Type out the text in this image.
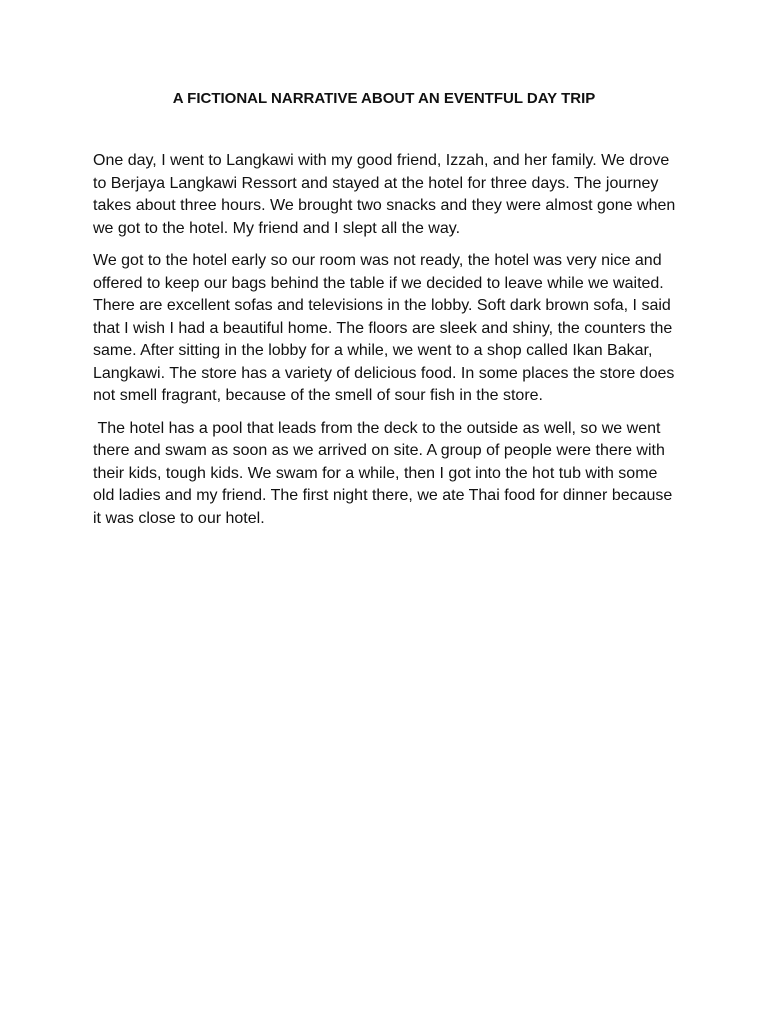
A FICTIONAL NARRATIVE ABOUT AN EVENTFUL DAY TRIP

One day, I went to Langkawi with my good friend, Izzah, and her family. We drove to Berjaya Langkawi Ressort and stayed at the hotel for three days. The journey takes about three hours. We brought two snacks and they were almost gone when we got to the hotel. My friend and I slept all the way.

We got to the hotel early so our room was not ready, the hotel was very nice and offered to keep our bags behind the table if we decided to leave while we waited. There are excellent sofas and televisions in the lobby. Soft dark brown sofa, I said that I wish I had a beautiful home. The floors are sleek and shiny, the counters the same. After sitting in the lobby for a while, we went to a shop called Ikan Bakar, Langkawi. The store has a variety of delicious food. In some places the store does not smell fragrant, because of the smell of sour fish in the store.

The hotel has a pool that leads from the deck to the outside as well, so we went there and swam as soon as we arrived on site. A group of people were there with their kids, tough kids. We swam for a while, then I got into the hot tub with some old ladies and my friend. The first night there, we ate Thai food for dinner because it was close to our hotel.
